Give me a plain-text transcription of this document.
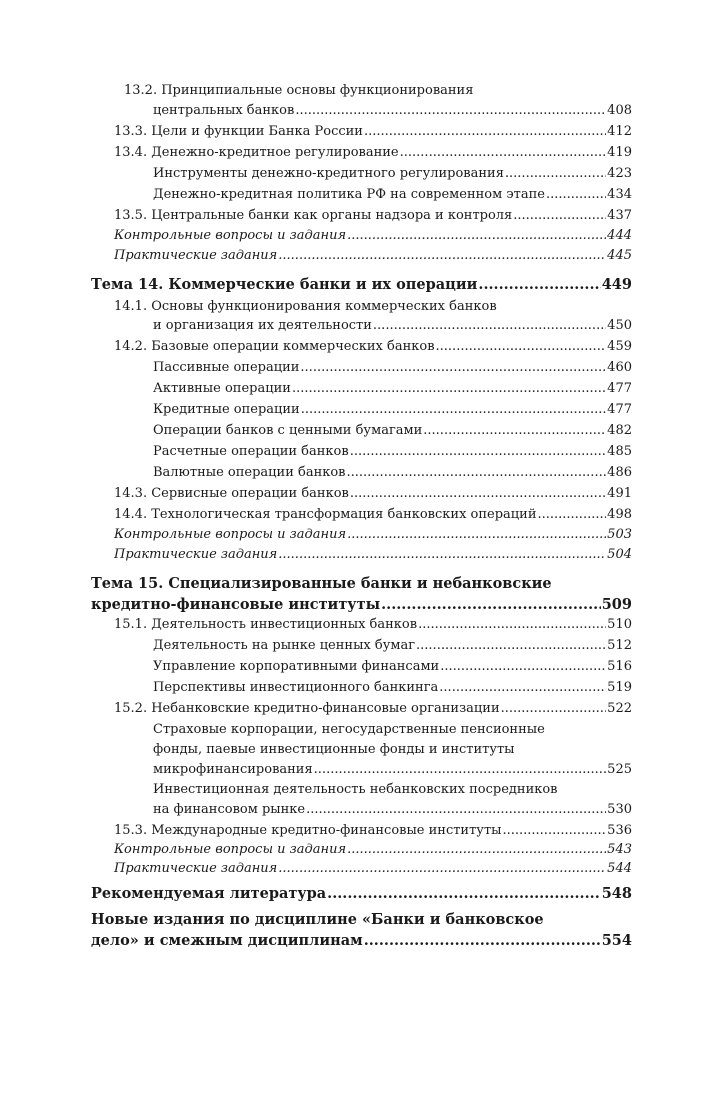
13.2. Принципиальные основы функционирования
центральных банков .....	408
13.3. Цели и функции Банка России .....	412
13.4. Денежно-кредитное регулирование .....	419
Инструменты денежно-кредитного регулирования .....	423
Денежно-кредитная политика РФ на современном этапе .....	434
13.5. Центральные банки как органы надзора и контроля .....	437
Контрольные вопросы и задания .....	444
Практические задания .....	445
Тема 14. Коммерческие банки и их операции .....	449
14.1. Основы функционирования коммерческих банков
и организация их деятельности .....	450
14.2. Базовые операции коммерческих банков .....	459
Пассивные операции .....	460
Активные операции .....	477
Кредитные операции .....	477
Операции банков с ценными бумагами .....	482
Расчетные операции банков .....	485
Валютные операции банков .....	486
14.3. Сервисные операции банков .....	491
14.4. Технологическая трансформация банковских операций .....	498
Контрольные вопросы и задания .....	503
Практические задания .....	504
Тема 15. Специализированные банки и небанковские
кредитно-финансовые институты .....	509
15.1. Деятельность инвестиционных банков .....	510
Деятельность на рынке ценных бумаг .....	512
Управление корпоративными финансами .....	516
Перспективы инвестиционного банкинга .....	519
15.2. Небанковские кредитно-финансовые организации .....	522
Страховые корпорации, негосударственные пенсионные
фонды, паевые инвестиционные фонды и институты
микрофинансирования .....	525
Инвестиционная деятельность небанковских посредников
на финансовом рынке .....	530
15.3. Международные кредитно-финансовые институты .....	536
Контрольные вопросы и задания .....	543
Практические задания .....	544
Рекомендуемая литература .....	548
Новые издания по дисциплине «Банки и банковское
дело» и смежным дисциплинам .....	554
